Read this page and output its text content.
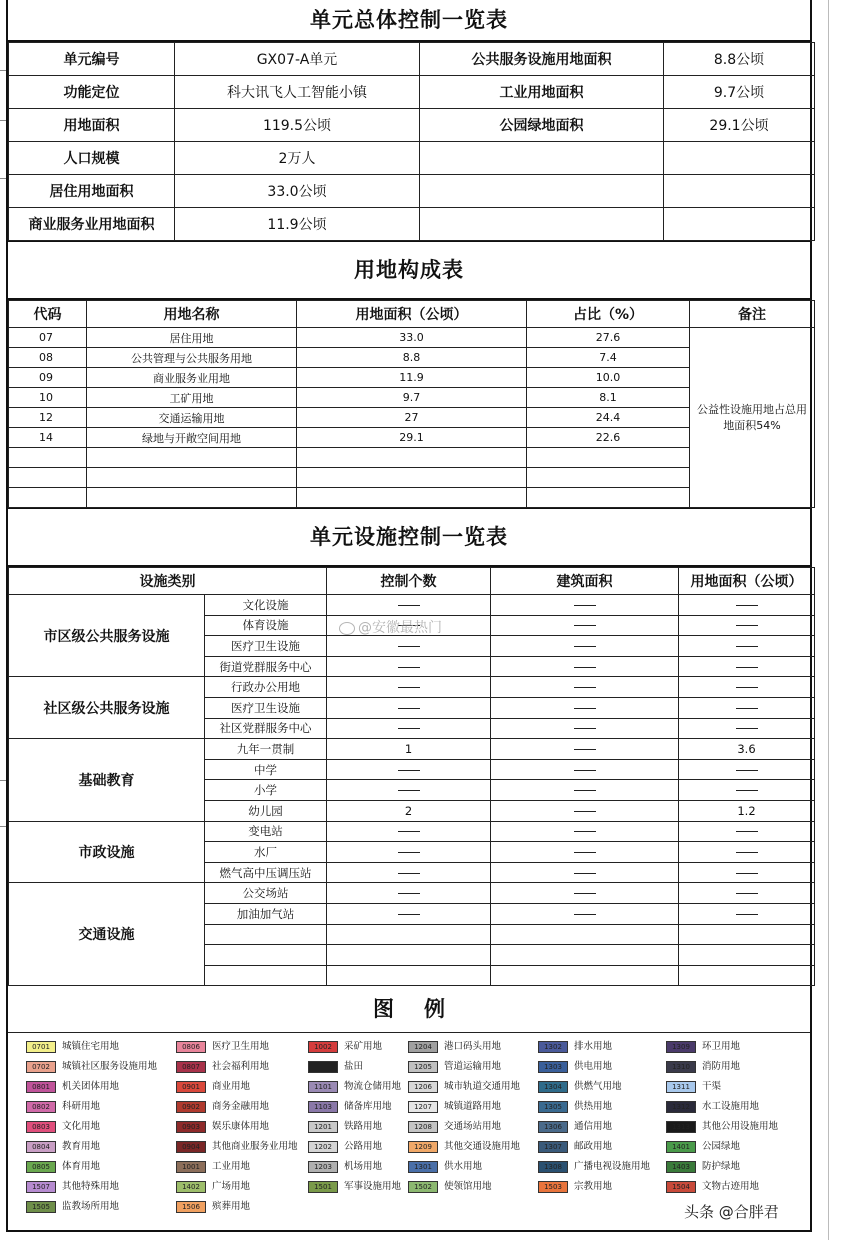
单元总体控制一览表
单元编号	GX07-A单元	公共服务设施用地面积	8.8公顷
功能定位	科大讯飞人工智能小镇	工业用地面积	9.7公顷
用地面积	119.5公顷	公园绿地面积	29.1公顷
人口规模	2万人		
居住用地面积	33.0公顷		
商业服务业用地面积	11.9公顷		
用地构成表
代码	用地名称	用地面积（公顷）	占比（%）	备注
07	居住用地	33.0	27.6	公益性设施用地占总用地面积54%
08	公共管理与公共服务用地	8.8	7.4	
09	商业服务业用地	11.9	10.0	
10	工矿用地	9.7	8.1	
12	交通运输用地	27	24.4	
14	绿地与开敞空间用地	29.1	22.6	

单元设施控制一览表
设施类别		控制个数	建筑面积	用地面积（公顷）
市区级公共服务设施	文化设施			
	体育设施			
	医疗卫生设施			
	街道党群服务中心			
社区级公共服务设施	行政办公用地			
	医疗卫生设施			
	社区党群服务中心			
基础教育	九年一贯制	1		3.6
	中学			
	小学			
	幼儿园	2		1.2
市政设施	变电站			
	水厂			
	燃气高中压调压站			
交通设施	公交场站			
	加油加气站			

图例
0701	城镇住宅用地
0702	城镇社区服务设施用地
0801	机关团体用地
0802	科研用地
0803	文化用地
0804	教育用地
0805	体育用地
1507	其他特殊用地
1505	监教场所用地
0806	医疗卫生用地
0807	社会福利用地
0901	商业用地
0902	商务金融用地
0903	娱乐康体用地
0904	其他商业服务业用地
1001	工业用地
1402	广场用地
1506	殡葬用地
1002	采矿用地
盐田
1101	物流仓储用地
1103	储备库用地
1201	铁路用地
1202	公路用地
1203	机场用地
1501	军事设施用地
1204	港口码头用地
1205	管道运输用地
1206	城市轨道交通用地
1207	城镇道路用地
1208	交通场站用地
1209	其他交通设施用地
1301	供水用地
1502	使领馆用地
1302	排水用地
1303	供电用地
1304	供燃气用地
1305	供热用地
1306	通信用地
1307	邮政用地
1308	广播电视设施用地
1503	宗教用地
1309	环卫用地
1310	消防用地
1311	干渠
1312	水工设施用地
1313	其他公用设施用地
1401	公园绿地
1403	防护绿地
1504	文物古迹用地
@安徽最热门
头条 @合胖君
